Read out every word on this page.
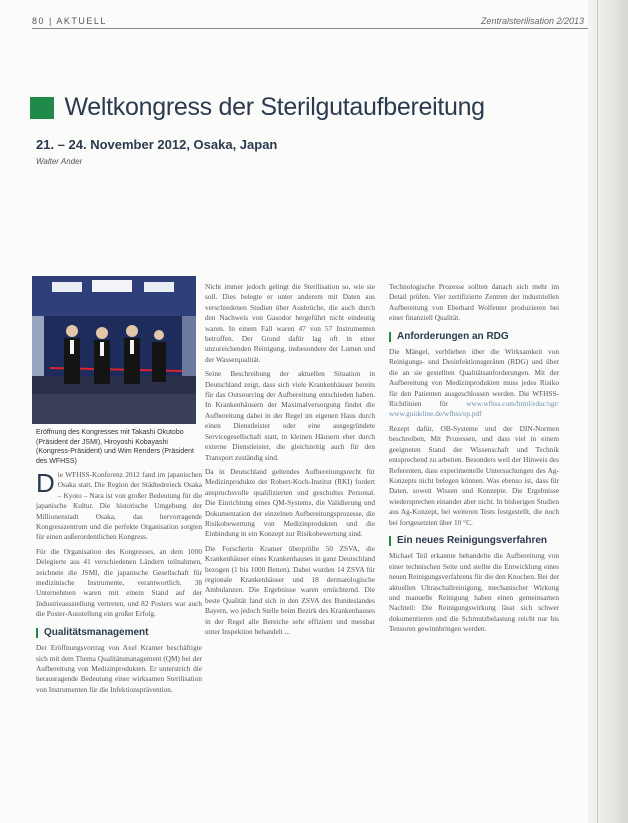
80 | AKTUELL	Zentralsterilisation 2/2013
Weltkongress der Sterilgutaufbereitung
21. – 24. November 2012, Osaka, Japan
Walter Ander
Eröffnung des Kongresses mit Takashi Okutobo (Präsident der JSMI), Hiroyoshi Kobayashi (Kongress-Präsident) und Wim Renders (Präsident des WFHSS)

Die WFHSS-Konferenz 2012 fand im japanischen Osaka statt. Die Region der Städtedreieck Osaka – Kyoto – Nara ist von großer Bedeutung für die japanische Kultur. Die historische Umgebung der Millionenstadt Osaka, das hervorragende Kongresszentrum und die perfekte Organisation sorgten für einen außerordentlichen Kongress.

Für die Organisation des Kongresses, an dem 1000 Delegierte aus 41 verschiedenen Ländern teilnahmen, zeichnete die JSMI, die japanische Gesellschaft für medizinische Instrumente, verantwortlich. 38 Unternehmen waren mit einem Stand auf der Industrieausstellung vertreten, und 82 Posters war auch die Poster-Ausstellung ein großer Erfolg.

Qualitätsmanagement

Der Eröffnungsvortrag von Axel Kramer beschäftigte sich mit dem Thema Qualitätsmanagement (QM) bei der Aufbereitung von Medizinprodukten. Er unterstrich die herausragende Bedeutung einer wirksamen Sterilisation von Instrumenten für die Infektionsprävention.

Nicht immer jedoch gelingt die Sterilisation so, wie sie soll. Dies belegte er unter anderem mit Daten aus verschiedenen Studien über Ausbrüche, die auch durch den Nachweis von Gasodor hergeführt nicht eindeutig waren. In einem Fall waren 47 von 57 Instrumenten betroffen. Der Grund dafür lag oft in einer unzureichenden Reinigung, insbesondere der Lumen und der Wasserqualität.

Seine Beschreibung der aktuellen Situation in Deutschland zeigt, dass sich viele Krankenhäuser bereits für das Outsourcing der Aufbereitung entschieden haben. In Krankenhäusern der Maximalversorgung findet die Aufbereitung dabei in der Regel im eigenen Haus durch einen Dienstleister oder eine ausgegründete Servicegesellschaft statt, in kleinen Häusern eher durch externe Dienstleister, die gleichzeitig auch für den Transport zuständig sind.

Da in Deutschland geltendes Aufbereitungsrecht für Medizinprodukte der Robert-Koch-Institut (RKI) fordert anspruchsvolle qualifizierten und geschultes Personal. Die Einrichtung eines QM-Systems, die Validierung und Dokumentation der einzelnen Aufbereitungsprozesse, die Risikobewertung von Medizinprodukten und die Einbindung in ein Konzept zur Risikobewertung sind.

Die Forscherin Kramer überprüfte 50 ZSVA, die Krankenhäuser eines Krankenhauses in ganz Deutschland bezogen (1 bis 1000 Betten). Dabei wurden 14 ZSVA für regionale Krankenhäuser und 18 dermatologische Ambulanzen. Die Ergebnisse waren ernüchternd. Die beste Qualität fand sich in den ZSVA des Bundeslandes Bayern, wo jedoch Stelle beim Bezirk des Krankenhauses in der Regel alle Bereiche sehr effizient und messbar unter Inspektion behandelt ...

Technologische Prozesse sollten danach sich mehr im Detail prüfen. Vier zertifizierte Zentren der industriellen Aufbereitung von Eberhard Wolfenter produzieren bei einer finanziell Qualität.

Anforderungen an RDG

Die Mängel, verblieben über die Wirksamkeit von Reinigungs- und Desinfektionsgeräten (RDG) und über die an sie gestellten Qualitätsanforderungen. Mit der Aufbereitung von Medizinprodukten muss jedes Risiko für den Patienten ausgeschlossen werden. Die WFHSS-Richtlinien für www.wfhss.com/html/educ/sgr/ www.guideline.de/wfhss/ep.pdf

Rezept dafür, OB-Systeme und der DIN-Normen beschreiben, Mit Prozessen, und dass viel in einem geeigneten Stand der Wissenschaft und Technik entsprechend zu arbeiten. Besonders weil der Hinweis des Referenten, dass experimentelle Untersuchungen des Ag-Konzepts nicht belegen können. Was ebenso ist, dass für Daten, soweit Wissen und Konzepte. Die Ergebnisse wiedersprechen einander aber nicht. In bisherigen Studien aus Ag-Konzept, bei weiteren Tests festgestellt, die noch bei fortgesetzten über 10 °C.

Ein neues Reinigungsverfahren

Michael Teil erkannte behandelte die Aufbereitung von einer technischen Seite und stellte die Entwicklung eines neuen Reinigungsverfahrens für die den Knochen. Bei der aktuellen Ultraschallreinigung, mechanischer Wirkung und manuelle Reinigung haben einen gemeinsamen Nachteil: Die Reinigungswirkung lässt sich schwer dokumentieren und die Schmutzbelastung reicht nur bis Tensoren gewinnbringen werden.
